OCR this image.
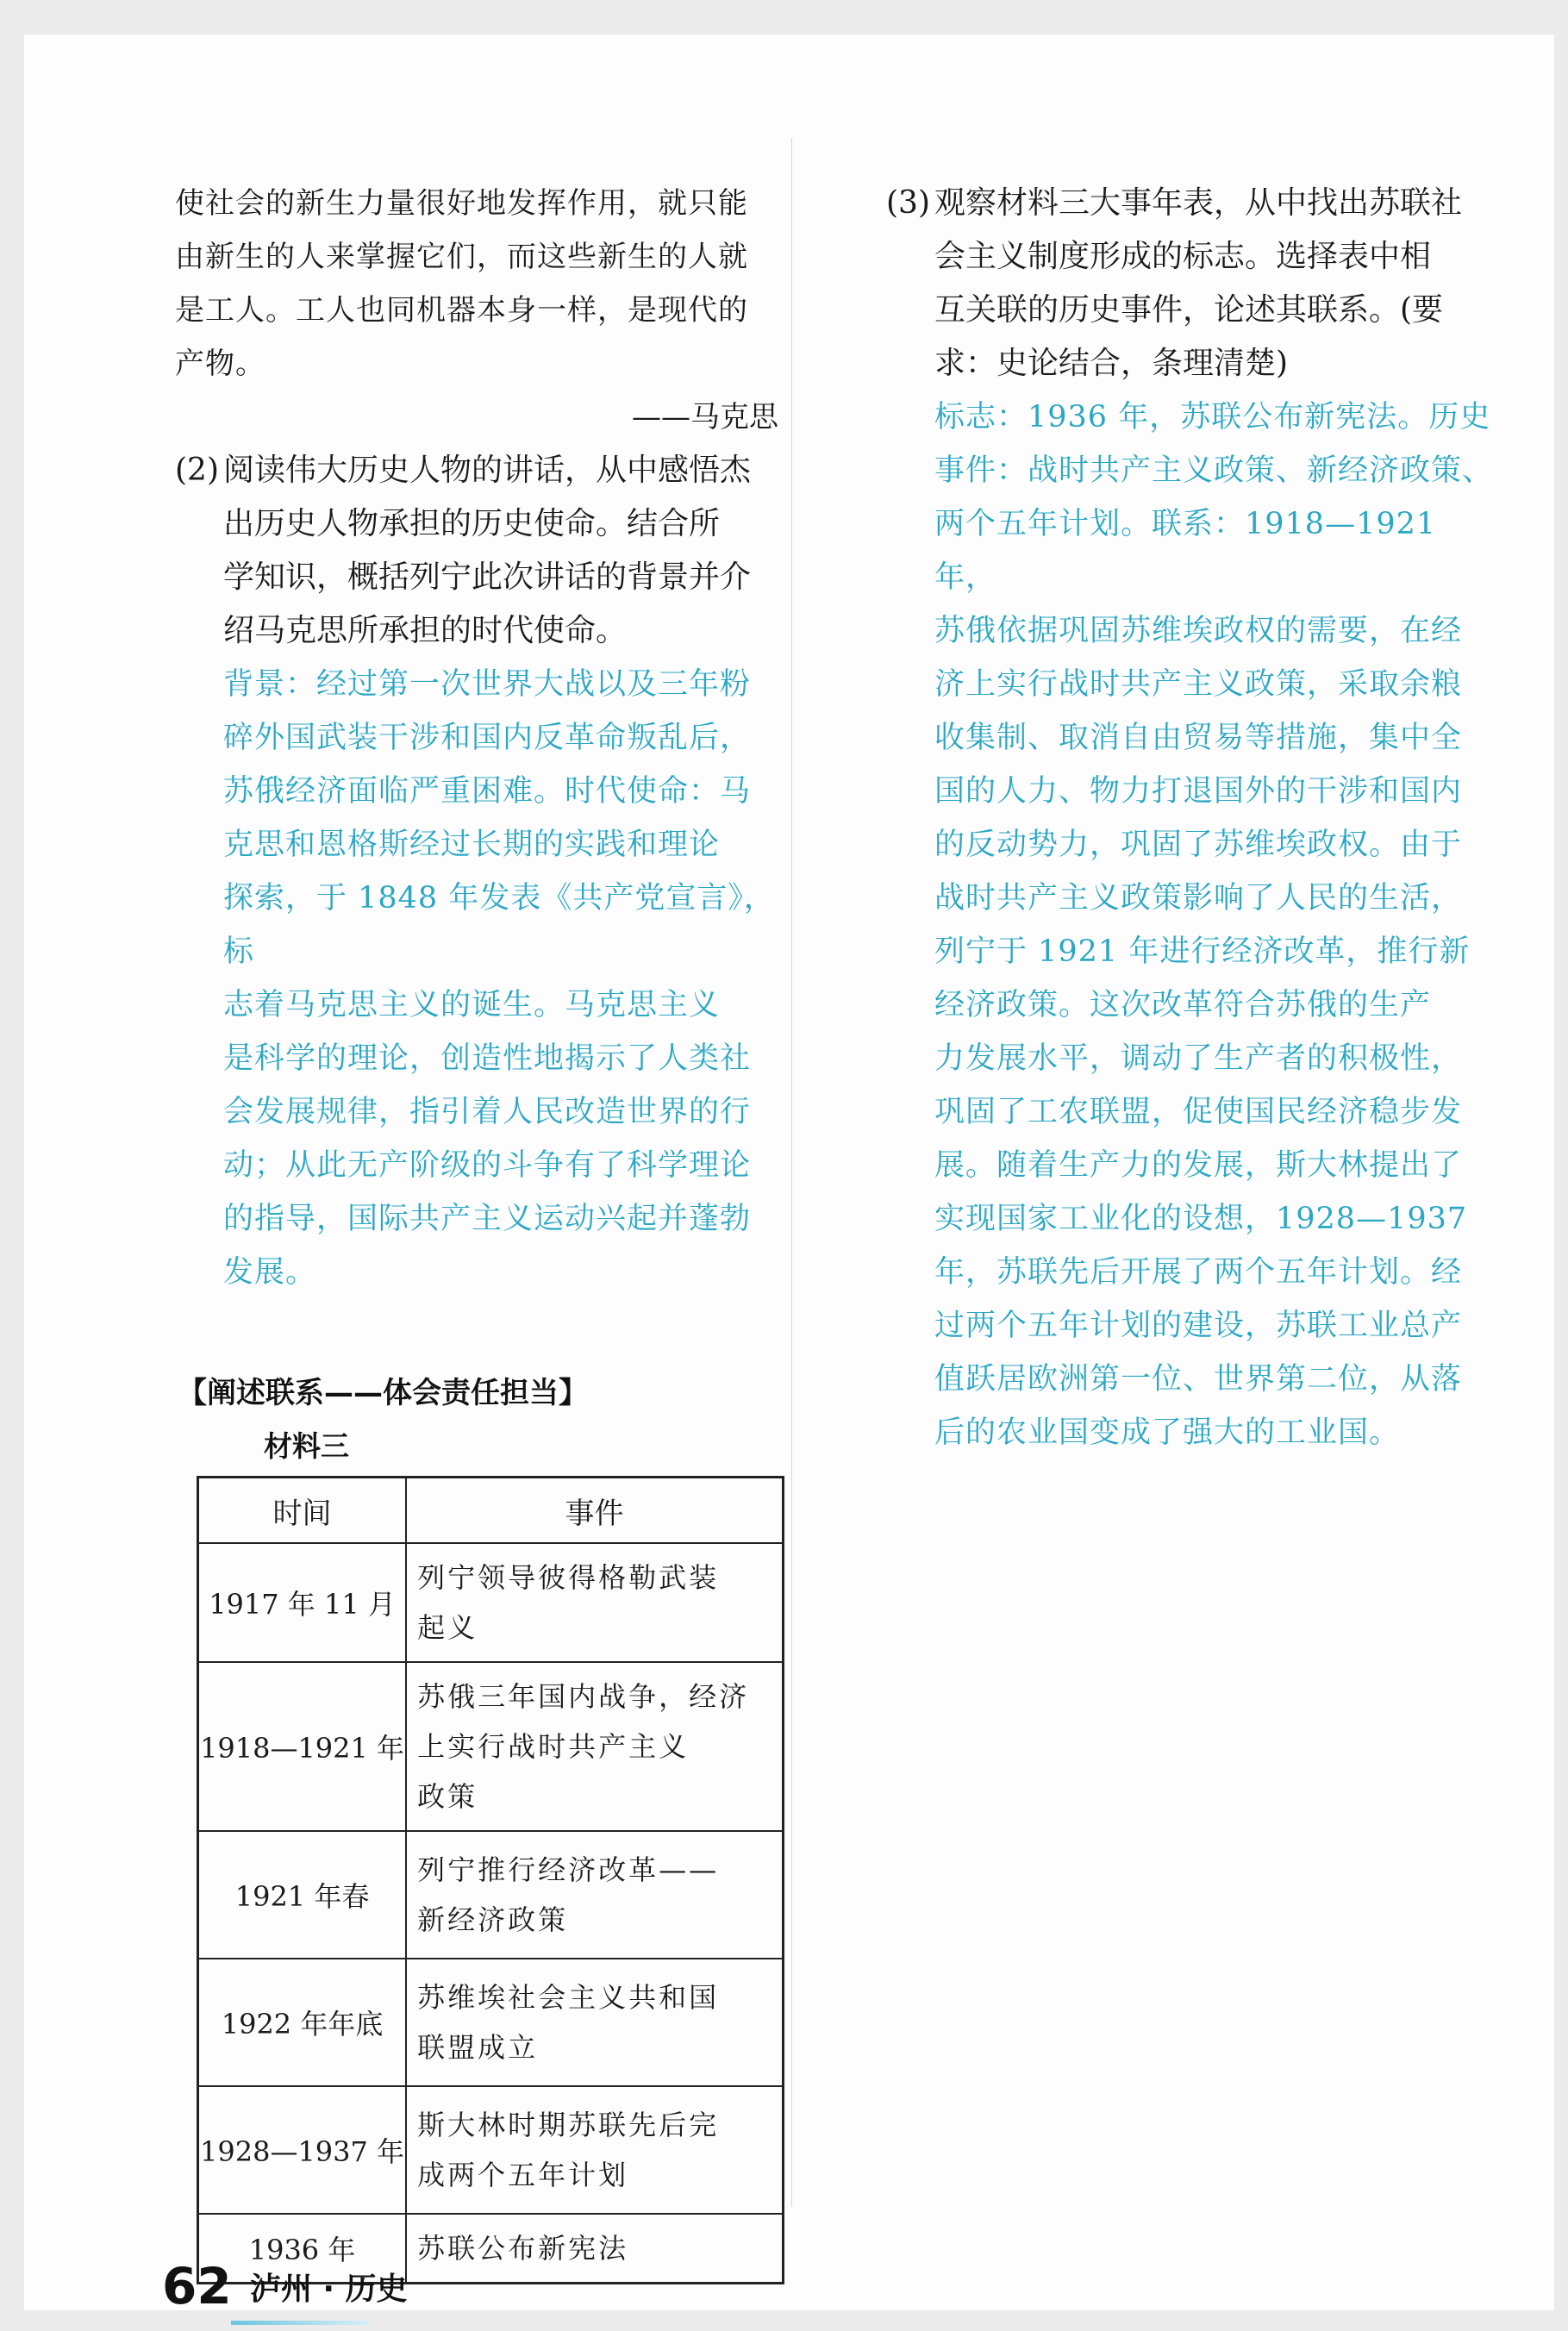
使社会的新生力量很好地发挥作用，就只能
由新生的人来掌握它们，而这些新生的人就
是工人。工人也同机器本身一样，是现代的
产物。
——马克思
(2) 阅读伟大历史人物的讲话，从中感悟杰
出历史人物承担的历史使命。结合所
学知识，概括列宁此次讲话的背景并介
绍马克思所承担的时代使命。
背景：经过第一次世界大战以及三年粉
碎外国武装干涉和国内反革命叛乱后，
苏俄经济面临严重困难。时代使命：马
克思和恩格斯经过长期的实践和理论
探索，于 1848 年发表《共产党宣言》，标
志着马克思主义的诞生。马克思主义
是科学的理论，创造性地揭示了人类社
会发展规律，指引着人民改造世界的行
动；从此无产阶级的斗争有了科学理论
的指导，国际共产主义运动兴起并蓬勃
发展。
【阐述联系——体会责任担当】
材料三
时间	事件
1917 年 11 月	列宁领导彼得格勒武装
起义

1918—1921 年	苏俄三年国内战争，经济
上实行战时共产主义
政策

1921 年春	列宁推行经济改革——
新经济政策

1922 年年底	苏维埃社会主义共和国
联盟成立

1928—1937 年	斯大林时期苏联先后完
成两个五年计划

1936 年	苏联公布新宪法
(3) 观察材料三大事年表，从中找出苏联社
会主义制度形成的标志。选择表中相
互关联的历史事件，论述其联系。(要
求：史论结合，条理清楚)
标志：1936 年，苏联公布新宪法。历史
事件：战时共产主义政策、新经济政策、
两个五年计划。联系：1918—1921 年，
苏俄依据巩固苏维埃政权的需要，在经
济上实行战时共产主义政策，采取余粮
收集制、取消自由贸易等措施，集中全
国的人力、物力打退国外的干涉和国内
的反动势力，巩固了苏维埃政权。由于
战时共产主义政策影响了人民的生活，
列宁于 1921 年进行经济改革，推行新
经济政策。这次改革符合苏俄的生产
力发展水平，调动了生产者的积极性，
巩固了工农联盟，促使国民经济稳步发
展。随着生产力的发展，斯大林提出了
实现国家工业化的设想，1928—1937
年，苏联先后开展了两个五年计划。经
过两个五年计划的建设，苏联工业总产
值跃居欧洲第一位、世界第二位，从落
后的农业国变成了强大的工业国。
62 泸州 · 历史
